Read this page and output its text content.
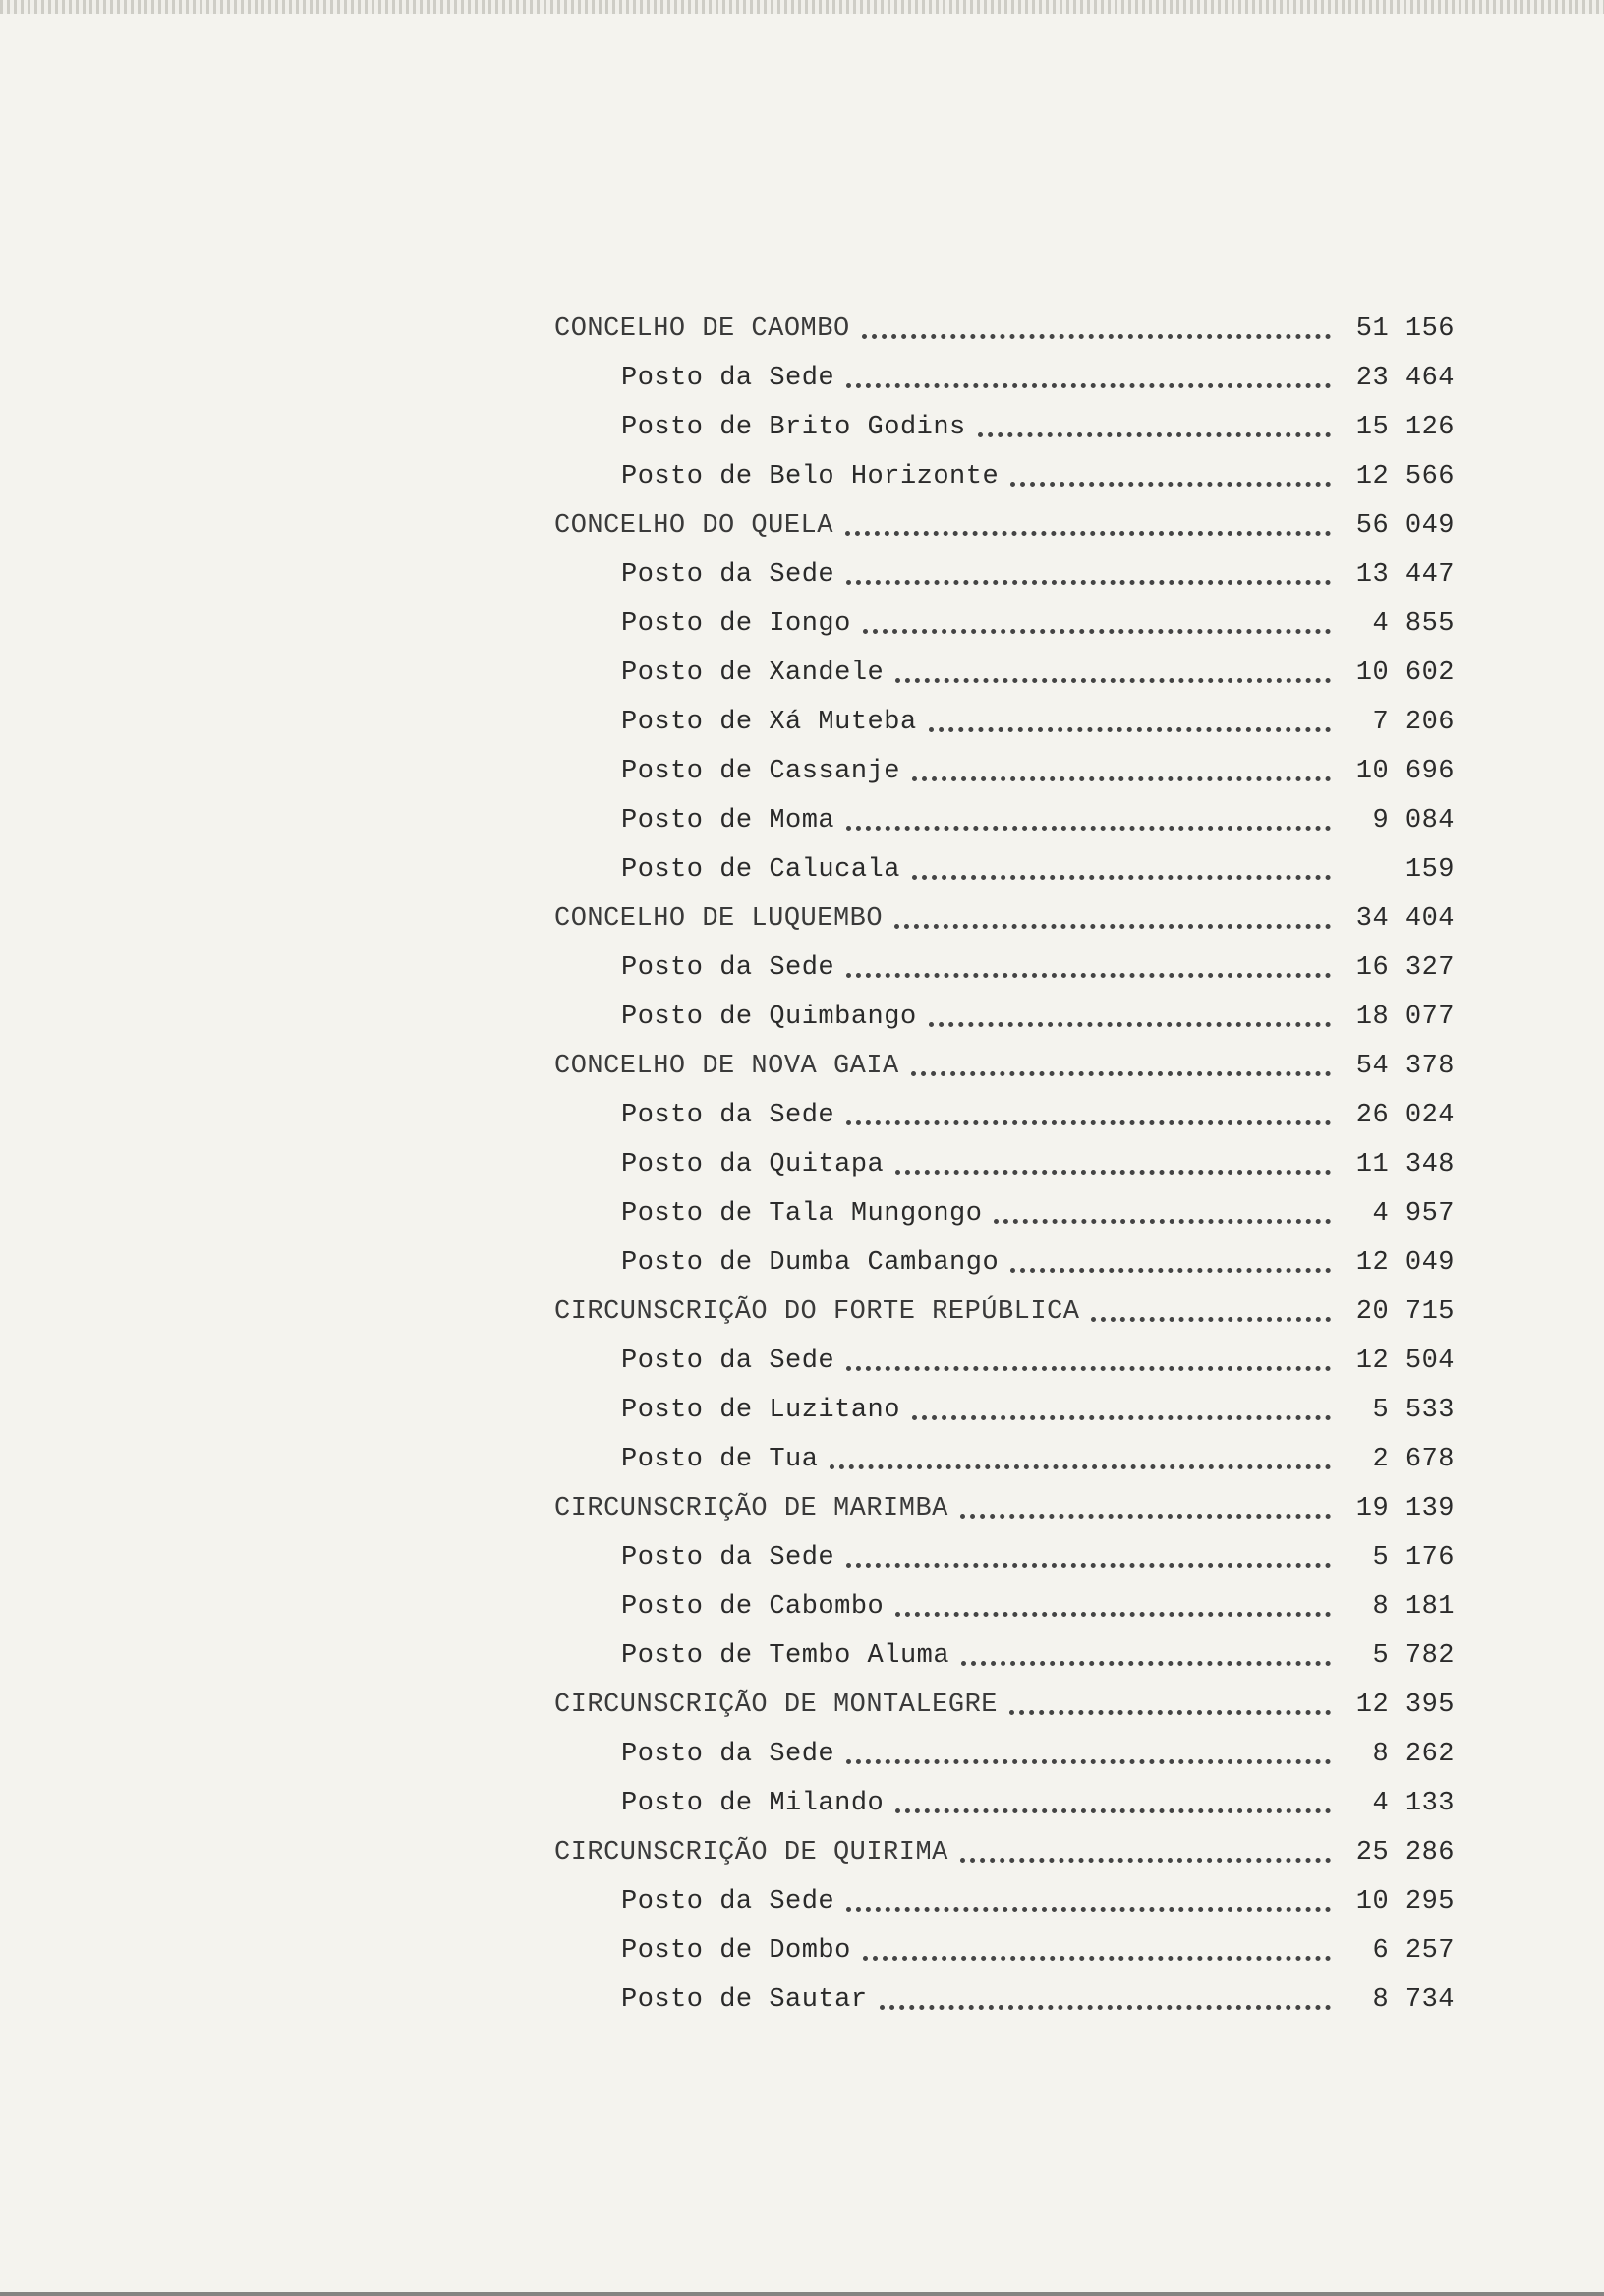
CONCELHO DE CAOMBO	51 156
Posto da Sede	23 464
Posto de Brito Godins	15 126
Posto de Belo Horizonte	12 566
CONCELHO DO QUELA	56 049
Posto da Sede	13 447
Posto de Iongo	4 855
Posto de Xandele	10 602
Posto de Xá Muteba	7 206
Posto de Cassanje	10 696
Posto de Moma	9 084
Posto de Calucala	159
CONCELHO DE LUQUEMBO	34 404
Posto da Sede	16 327
Posto de Quimbango	18 077
CONCELHO DE NOVA GAIA	54 378
Posto da Sede	26 024
Posto da Quitapa	11 348
Posto de Tala Mungongo	4 957
Posto de Dumba Cambango	12 049
CIRCUNSCRIÇÃO DO FORTE REPÚBLICA	20 715
Posto da Sede	12 504
Posto de Luzitano	5 533
Posto de Tua	2 678
CIRCUNSCRIÇÃO DE MARIMBA	19 139
Posto da Sede	5 176
Posto de Cabombo	8 181
Posto de Tembo Aluma	5 782
CIRCUNSCRIÇÃO DE MONTALEGRE	12 395
Posto da Sede	8 262
Posto de Milando	4 133
CIRCUNSCRIÇÃO DE QUIRIMA	25 286
Posto da Sede	10 295
Posto de Dombo	6 257
Posto de Sautar	8 734
